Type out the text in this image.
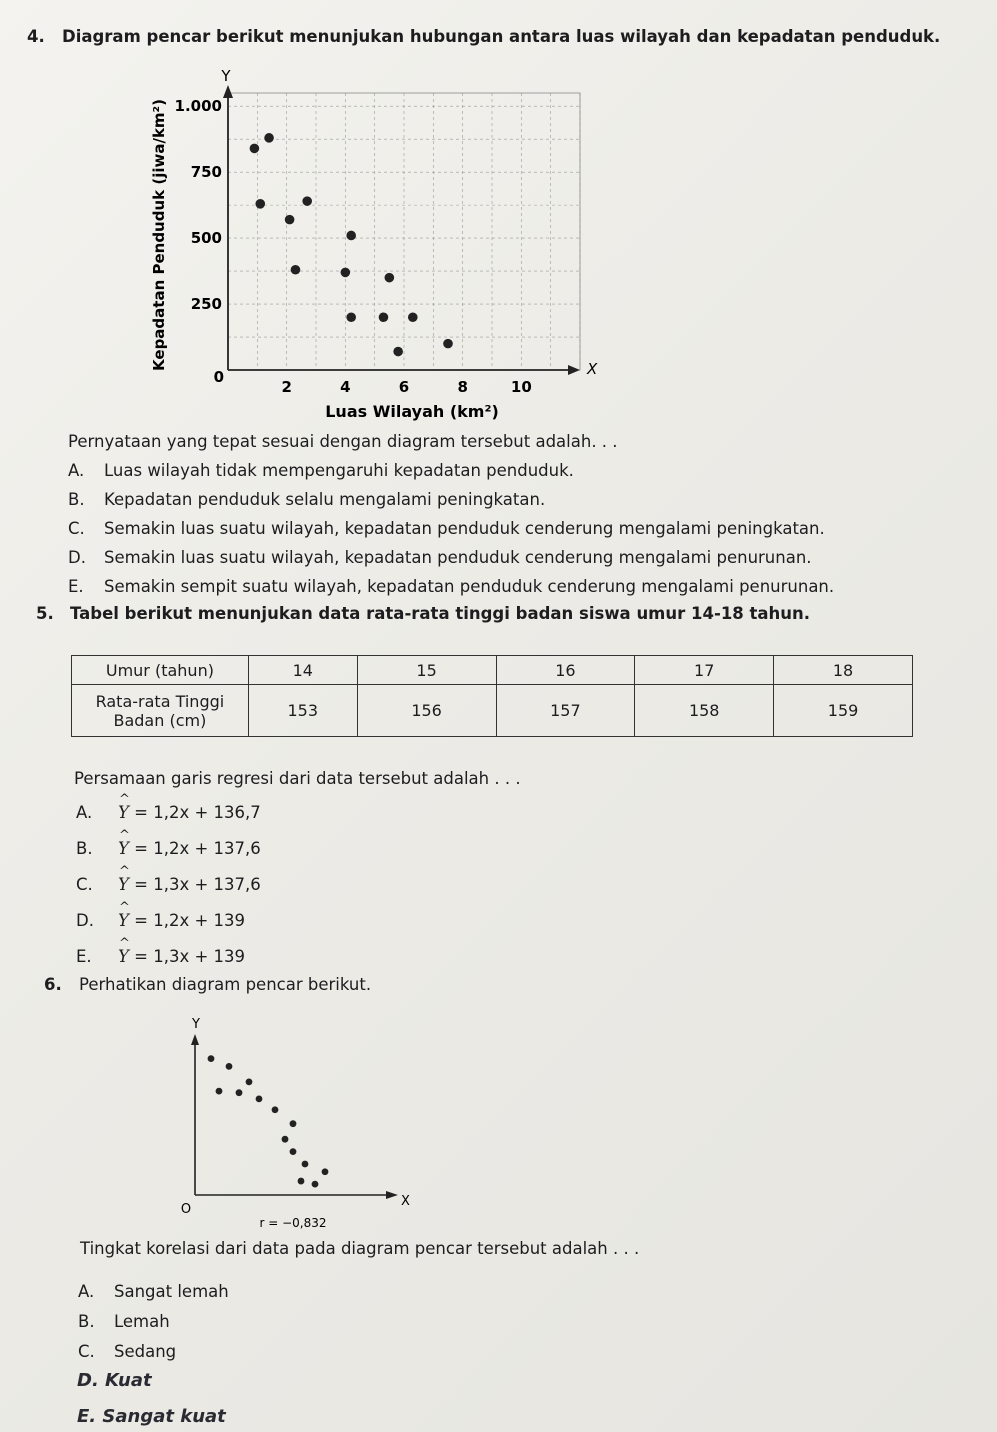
4. Diagram pencar berikut menunjukan hubungan antara luas wilayah dan kepadatan penduduk.
Y
X
0
2	4	6	8	10
250
500
750
1.000
Luas Wilayah (km²)
Kepadatan Penduduk (jiwa/km²)
Pernyataan yang tepat sesuai dengan diagram tersebut adalah. . .
A. Luas wilayah tidak mempengaruhi kepadatan penduduk.
B. Kepadatan penduduk selalu mengalami peningkatan.
C. Semakin luas suatu wilayah, kepadatan penduduk cenderung mengalami peningkatan.
D. Semakin luas suatu wilayah, kepadatan penduduk cenderung mengalami penurunan.
E. Semakin sempit suatu wilayah, kepadatan penduduk cenderung mengalami penurunan.
5. Tabel berikut menunjukan data rata-rata tinggi badan siswa umur 14-18 tahun.
Umur (tahun)	14	15	16	17	18

Rata-rata Tinggi
Badan (cm)	153	156	157	158	159
Persamaan garis regresi dari data tersebut adalah . . .
A. ^ Y = 1,2x + 136,7
B. ^ Y = 1,2x + 137,6
C. ^ Y = 1,3x + 137,6
D. ^ Y = 1,2x + 139
E. ^ Y = 1,3x + 139
6. Perhatikan diagram pencar berikut.
Y
X
O
r = −0,832
Tingkat korelasi dari data pada diagram pencar tersebut adalah . . .
A. Sangat lemah
B. Lemah
C. Sedang
D. Kuat
E. Sangat kuat
